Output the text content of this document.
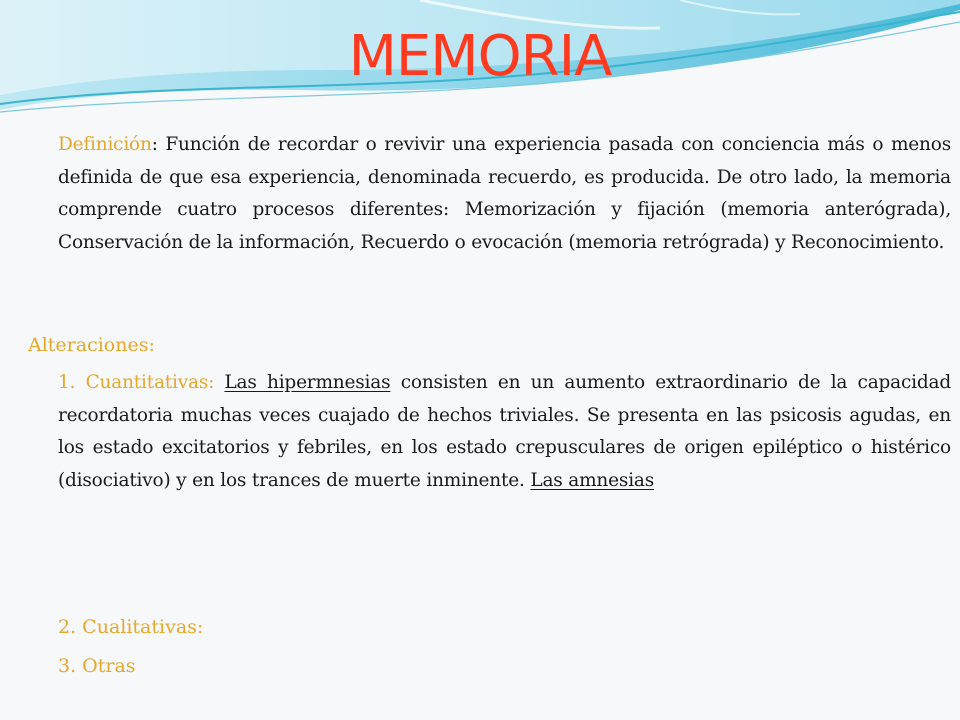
MEMORIA
Definición: Función de recordar o revivir una experiencia pasada con conciencia más o menos definida de que esa experiencia, denominada recuerdo, es producida. De otro lado, la memoria comprende cuatro procesos diferentes: Memorización y fijación (memoria anterógrada), Conservación de la información, Recuerdo o evocación (memoria retrógrada) y Reconocimiento.
Alteraciones:
1. Cuantitativas: Las hipermnesias consisten en un aumento extraordinario de la capacidad recordatoria muchas veces cuajado de hechos triviales. Se presenta en las psicosis agudas, en los estado excitatorios y febriles, en los estado crepusculares de origen epiléptico o histérico (disociativo) y en los trances de muerte inminente. Las amnesias
2. Cualitativas:
3. Otras
